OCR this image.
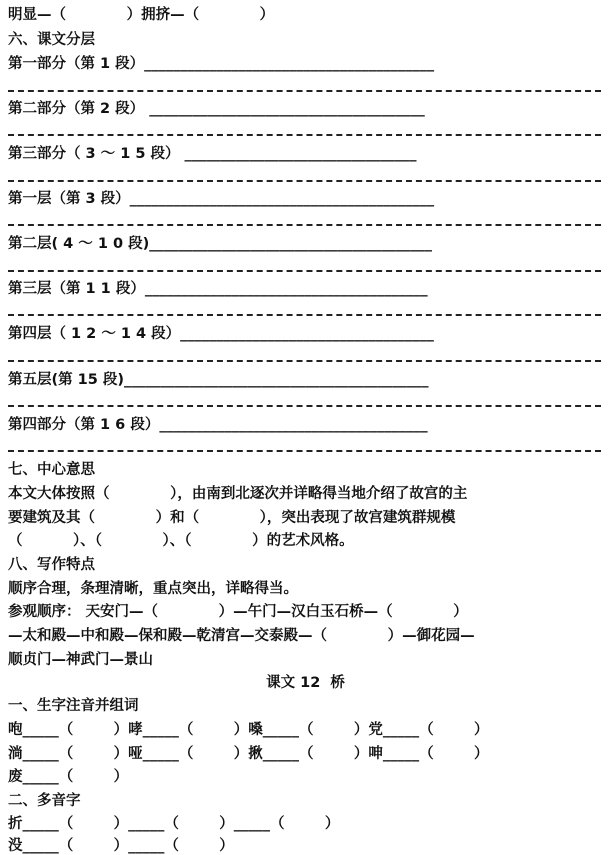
明显—（            ）拥挤—（            ）
六、课文分层
第一部分（第 1 段）________________________________________
第二部分（第 2 段） ______________________________________
第三部分（ 3 ～ 1 5 段） ________________________________
第一层（第 3 段）__________________________________________
第二层( 4 ～ 1 0 段)_______________________________________
第三层（第 1 1 段）_______________________________________
第四层（ 1 2 ～ 1 4 段）___________________________________
第五层(第 15 段)__________________________________________
第四部分（第 1 6 段）_____________________________________
七、中心意思
本文大体按照（            ），由南到北逐次并详略得当地介绍了故宫的主
要建筑及其（            ）和（            ），突出表现了故宫建筑群规模
（          ）、（            ）、（            ）的艺术风格。
八、写作特点
顺序合理，条理清晰，重点突出，详略得当。
参观顺序： 天安门—（            ）—午门—汉白玉石桥—（            ）
—太和殿—中和殿—保和殿—乾清宫—交泰殿—（            ）—御花园—
顺贞门—神武门—景山
课文 12  桥
一、生字注音并组词
咆_____（        ）哮_____（        ）嗓_____（        ）党_____（        ）
淌_____（        ）哑_____（        ）揪_____（        ）呻_____（        ）
废_____（        ）
二、多音字
折_____（        ）_____（        ）_____（        ）
没_____（        ）_____（        ）
